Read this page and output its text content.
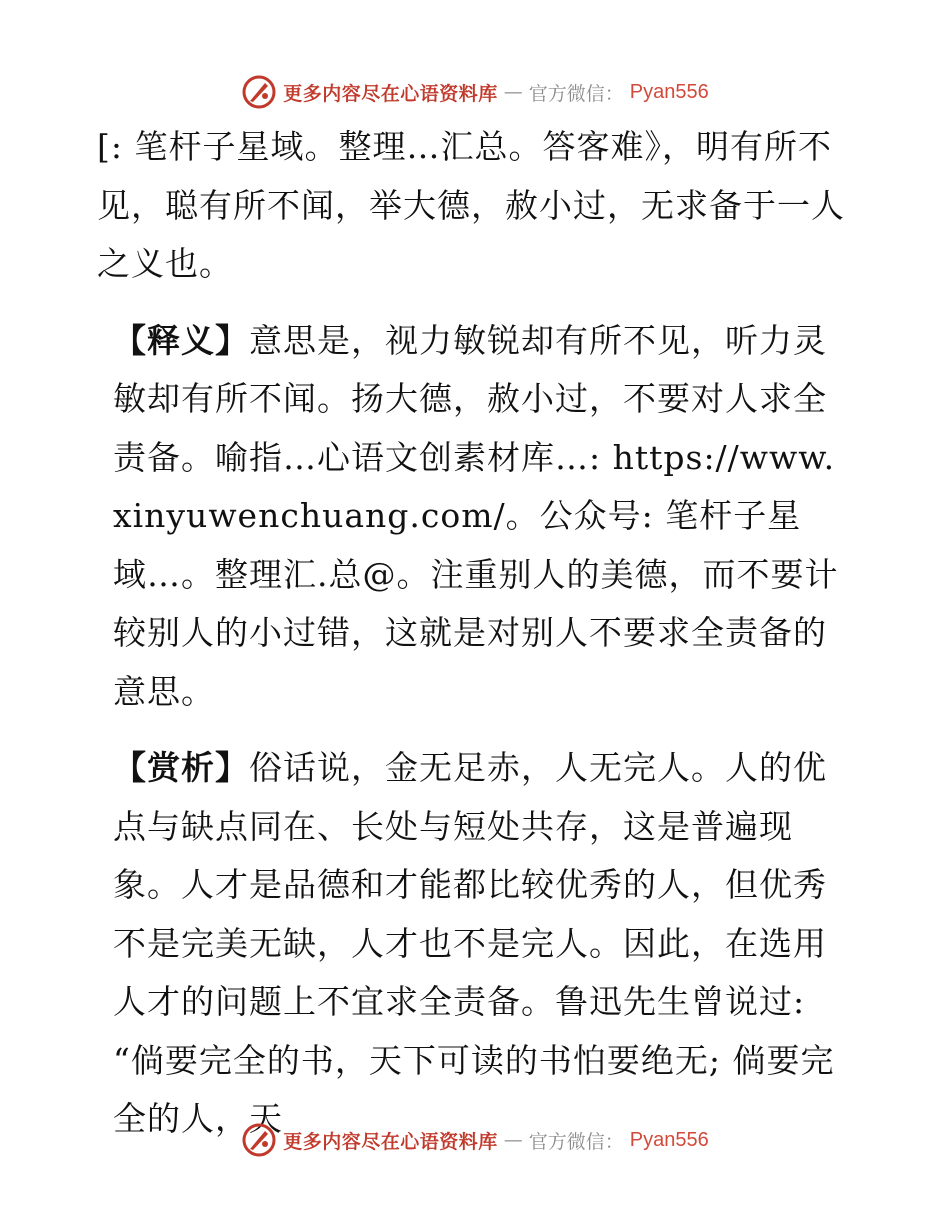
更多内容尽在心语资料库 — 官方微信： Pyan556

[: 笔杆子星域。整理…汇总。答客难》，明有所不见，聪有所不闻，举大德，赦小过，无求备于一人之义也。

【释义】意思是，视力敏锐却有所不见，听力灵敏却有所不闻。扬大德，赦小过，不要对人求全责备。喻指…心语文创素材库…: https://www.xinyuwenchuang.com/。公众号: 笔杆子星域…。整理汇.总@。注重别人的美德，而不要计较别人的小过错，这就是对别人不要求全责备的意思。

【赏析】俗话说，金无足赤，人无完人。人的优点与缺点同在、长处与短处共存，这是普遍现象。人才是品德和才能都比较优秀的人，但优秀不是完美无缺，人才也不是完人。因此，在选用人才的问题上不宜求全责备。鲁迅先生曾说过: “倘要完全的书，天下可读的书怕要绝无; 倘要完全的人，天

更多内容尽在心语资料库 — 官方微信： Pyan556
